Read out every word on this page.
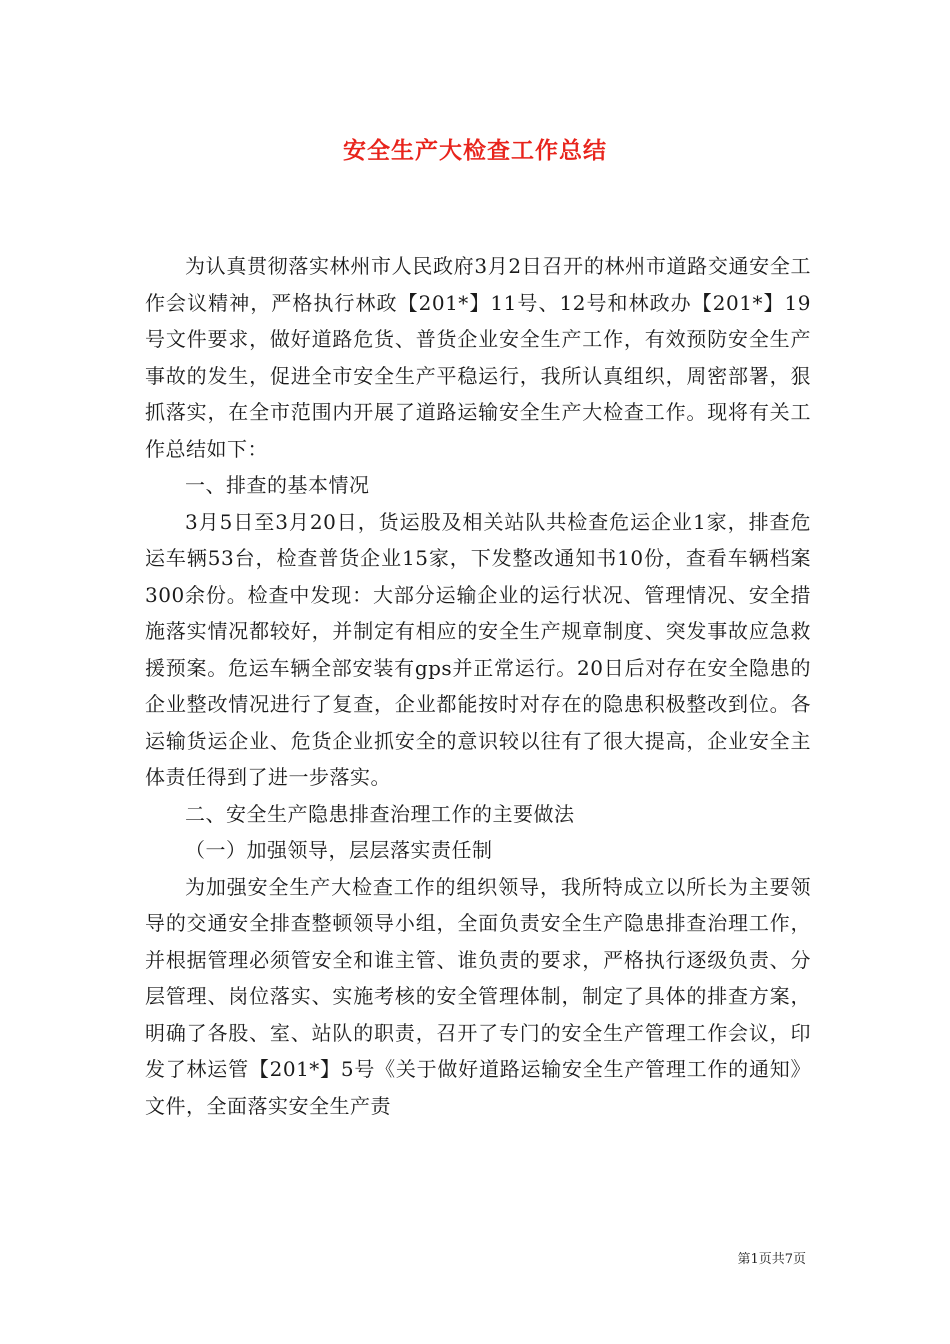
安全生产大检查工作总结

为认真贯彻落实林州市人民政府3月2日召开的林州市道路交通安全工作会议精神，严格执行林政【201*】11号、12号和林政办【201*】19号文件要求，做好道路危货、普货企业安全生产工作，有效预防安全生产事故的发生，促进全市安全生产平稳运行，我所认真组织，周密部署，狠抓落实，在全市范围内开展了道路运输安全生产大检查工作。现将有关工作总结如下：

一、排查的基本情况

3月5日至3月20日，货运股及相关站队共检查危运企业1家，排查危运车辆53台，检查普货企业15家，下发整改通知书10份，查看车辆档案300余份。检查中发现：大部分运输企业的运行状况、管理情况、安全措施落实情况都较好，并制定有相应的安全生产规章制度、突发事故应急救援预案。危运车辆全部安装有gps并正常运行。20日后对存在安全隐患的企业整改情况进行了复查，企业都能按时对存在的隐患积极整改到位。各运输货运企业、危货企业抓安全的意识较以往有了很大提高，企业安全主体责任得到了进一步落实。

二、安全生产隐患排查治理工作的主要做法

（一）加强领导，层层落实责任制

为加强安全生产大检查工作的组织领导，我所特成立以所长为主要领导的交通安全排查整顿领导小组，全面负责安全生产隐患排查治理工作，并根据管理必须管安全和谁主管、谁负责的要求，严格执行逐级负责、分层管理、岗位落实、实施考核的安全管理体制，制定了具体的排查方案，明确了各股、室、站队的职责，召开了专门的安全生产管理工作会议，印发了林运管【201*】5号《关于做好道路运输安全生产管理工作的通知》文件，全面落实安全生产责

第1页共7页
